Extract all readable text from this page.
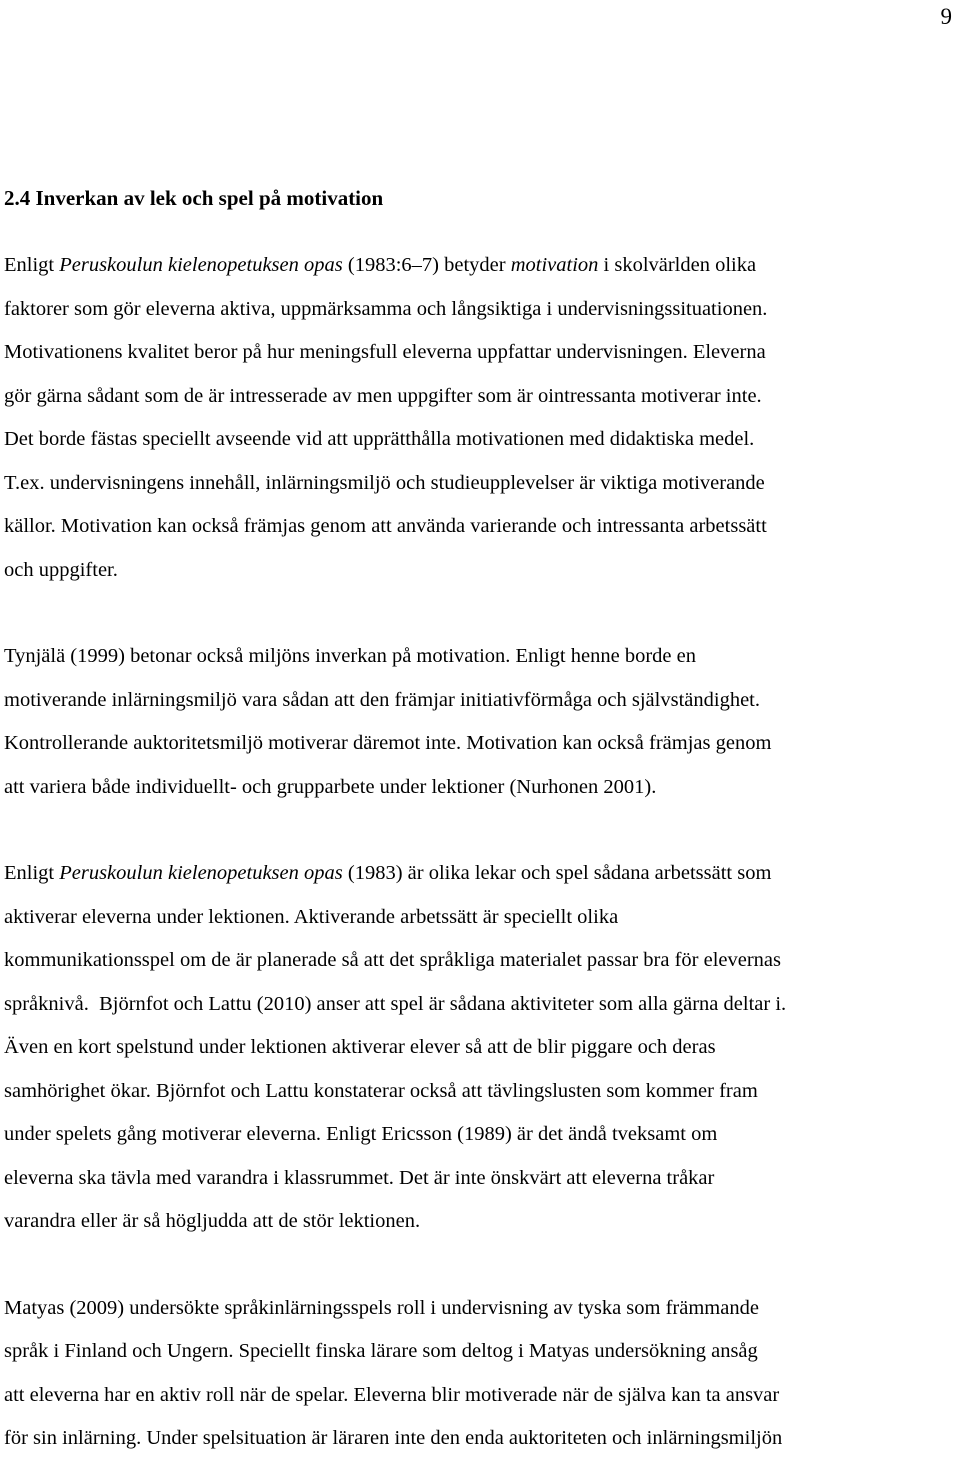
9
2.4 Inverkan av lek och spel på motivation
Enligt Peruskoulun kielenopetuksen opas (1983:6–7) betyder motivation i skolvärlden olika
faktorer som gör eleverna aktiva, uppmärksamma och långsiktiga i undervisningssituationen.
Motivationens kvalitet beror på hur meningsfull eleverna uppfattar undervisningen. Eleverna
gör gärna sådant som de är intresserade av men uppgifter som är ointressanta motiverar inte.
Det borde fästas speciellt avseende vid att upprätthålla motivationen med didaktiska medel.
T.ex. undervisningens innehåll, inlärningsmiljö och studieupplevelser är viktiga motiverande
källor. Motivation kan också främjas genom att använda varierande och intressanta arbetssätt
och uppgifter.
Tynjälä (1999) betonar också miljöns inverkan på motivation. Enligt henne borde en
motiverande inlärningsmiljö vara sådan att den främjar initiativförmåga och självständighet.
Kontrollerande auktoritetsmiljö motiverar däremot inte. Motivation kan också främjas genom
att variera både individuellt- och grupparbete under lektioner (Nurhonen 2001).
Enligt Peruskoulun kielenopetuksen opas (1983) är olika lekar och spel sådana arbetssätt som
aktiverar eleverna under lektionen. Aktiverande arbetssätt är speciellt olika
kommunikationsspel om de är planerade så att det språkliga materialet passar bra för elevernas
språknivå.  Björnfot och Lattu (2010) anser att spel är sådana aktiviteter som alla gärna deltar i.
Även en kort spelstund under lektionen aktiverar elever så att de blir piggare och deras
samhörighet ökar. Björnfot och Lattu konstaterar också att tävlingslusten som kommer fram
under spelets gång motiverar eleverna. Enligt Ericsson (1989) är det ändå tveksamt om
eleverna ska tävla med varandra i klassrummet. Det är inte önskvärt att eleverna tråkar
varandra eller är så högljudda att de stör lektionen.
Matyas (2009) undersökte språkinlärningsspels roll i undervisning av tyska som främmande
språk i Finland och Ungern. Speciellt finska lärare som deltog i Matyas undersökning ansåg
att eleverna har en aktiv roll när de spelar. Eleverna blir motiverade när de själva kan ta ansvar
för sin inlärning. Under spelsituation är läraren inte den enda auktoriteten och inlärningsmiljön
